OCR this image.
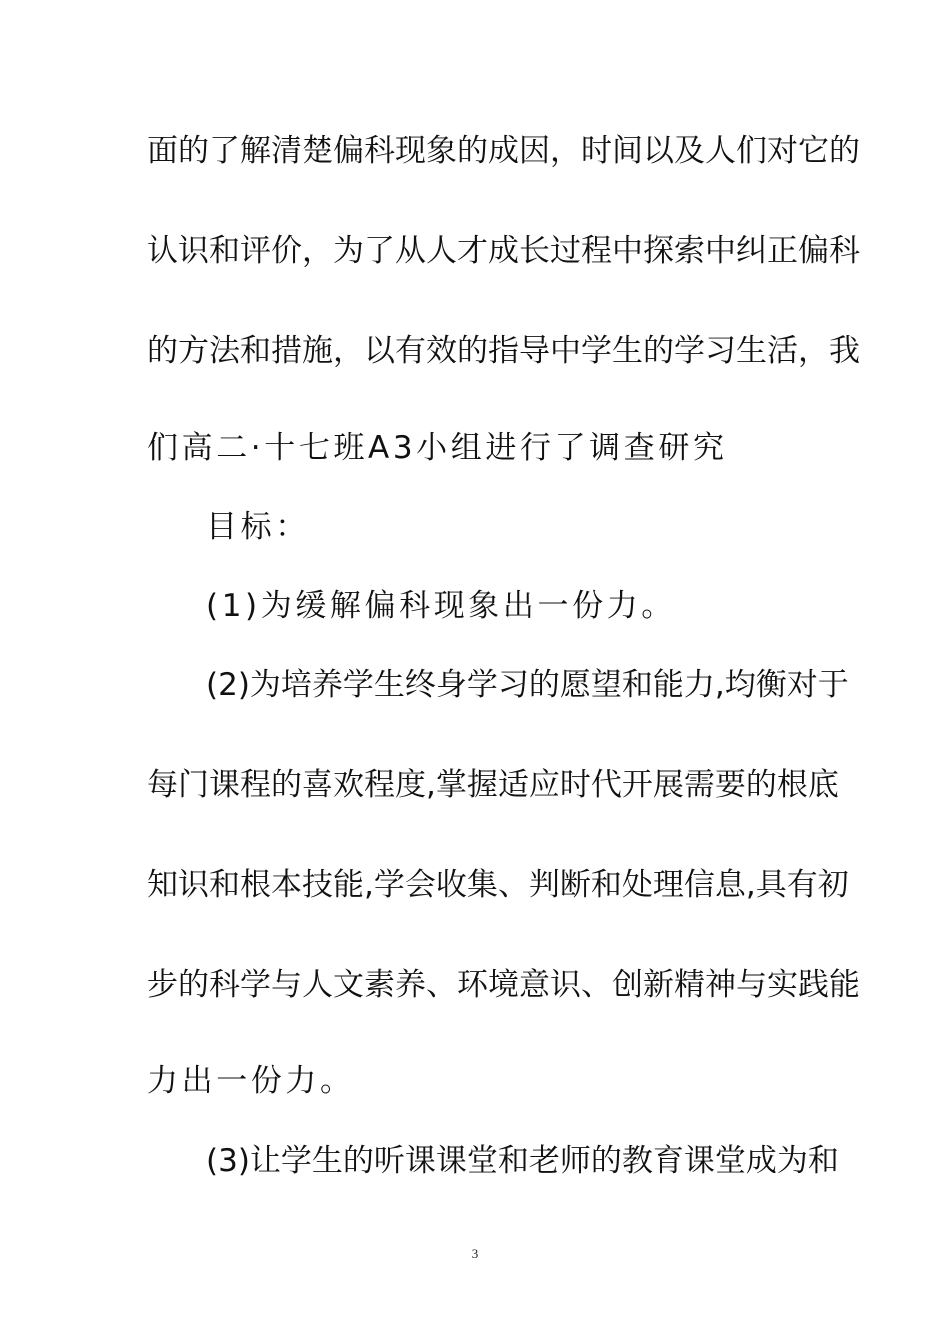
面的了解清楚偏科现象的成因，时间以及人们对它的
认识和评价，为了从人才成长过程中探索中纠正偏科
的方法和措施，以有效的指导中学生的学习生活，我
们高二·十七班A3小组进行了调查研究
目标：
(1)为缓解偏科现象出一份力。
(2)为培养学生终身学习的愿望和能力,均衡对于
每门课程的喜欢程度,掌握适应时代开展需要的根底
知识和根本技能,学会收集、判断和处理信息,具有初
步的科学与人文素养、环境意识、创新精神与实践能
力出一份力。
(3)让学生的听课课堂和老师的教育课堂成为和
3
